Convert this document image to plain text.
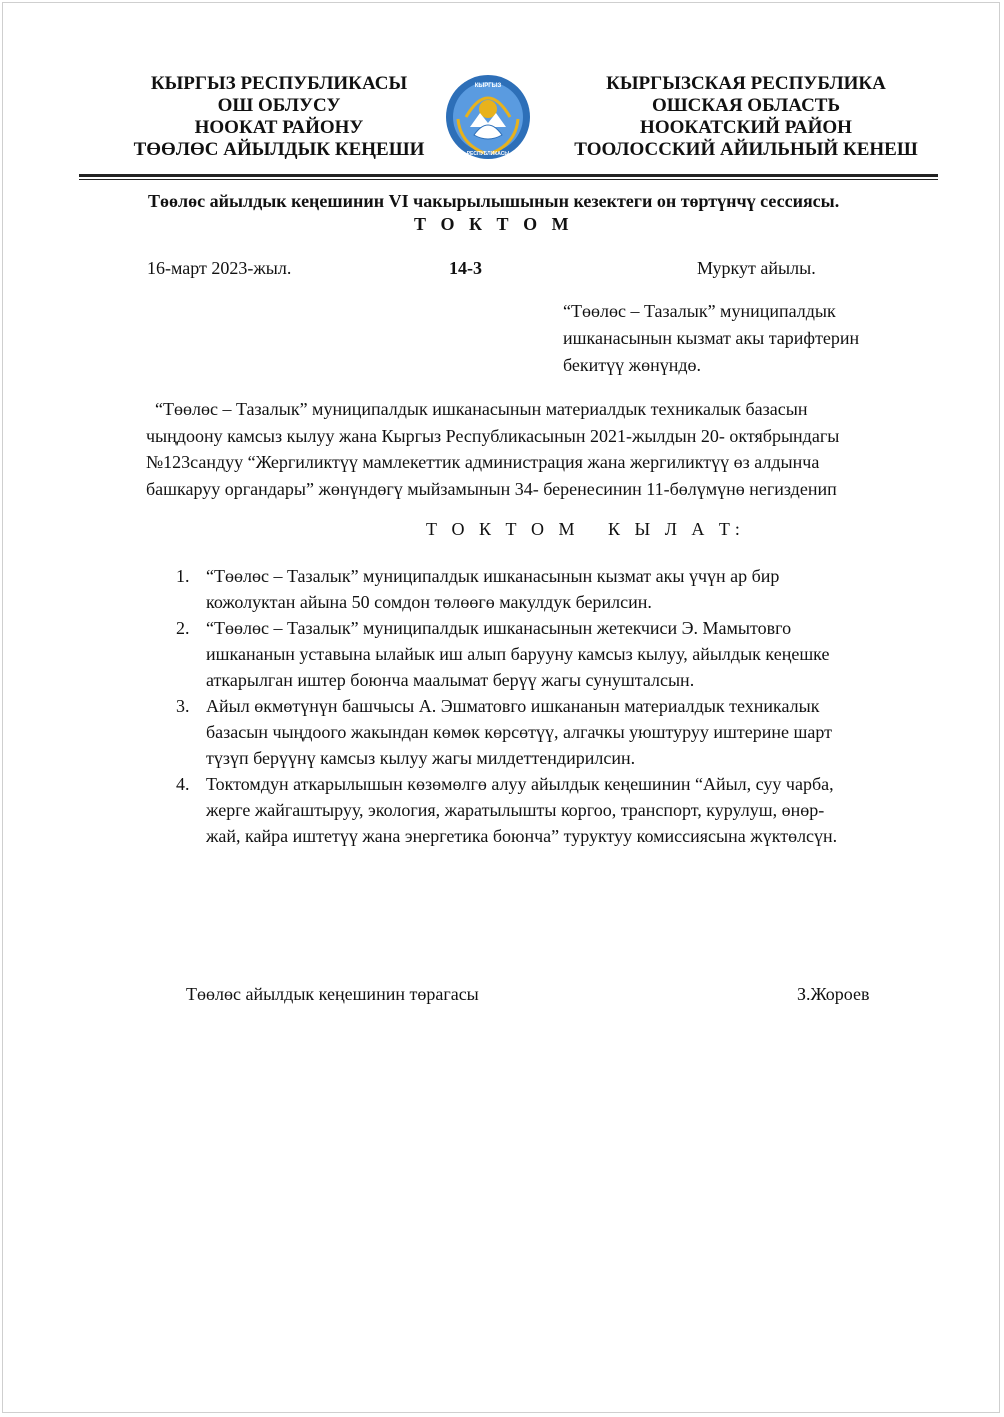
КЫРГЫЗ РЕСПУБЛИКАСЫ
ОШ ОБЛУСУ
НООКАТ РАЙОНУ
ТӨӨЛӨС АЙЫЛДЫК КЕҢЕШИ
КЫРГЫЗ
РЕСПУБЛИКАСЫ
КЫРГЫЗСКАЯ РЕСПУБЛИКА
ОШСКАЯ ОБЛАСТЬ
НООКАТСКИЙ РАЙОН
ТООЛОССКИЙ АЙИЛЬНЫЙ КЕНЕШ
Төөлөс айылдык кеңешинин VI чакырылышынын кезектеги он төртүнчү сессиясы.
Т О К Т О М
16-март 2023-жыл.	14-3	Муркут айылы.
“Төөлөс – Тазалык” муниципалдык
ишканасынын кызмат акы тарифтерин
бекитүү жөнүндө.
“Төөлөс – Тазалык” муниципалдык ишканасынын материалдык техникалык базасын
чыңдоону камсыз кылуу жана Кыргыз Республикасынын 2021-жылдын 20- октябрындагы
№123сандуу “Жергиликтүү мамлекеттик администрация жана жергиликтүү өз алдынча
башкаруу органдары” жөнүндөгү мыйзамынын 34- беренесинин 11-бөлүмүнө негизденип
Т О К Т О М   К Ы Л А Т:
1. “Төөлөс – Тазалык” муниципалдык ишканасынын кызмат акы үчүн ар бир
кожолуктан айына 50 сомдон төлөөгө макулдук берилсин.
2. “Төөлөс – Тазалык” муниципалдык ишканасынын жетекчиси Э. Мамытовго
ишкананын уставына ылайык иш алып барууну камсыз кылуу, айылдык кеңешке
аткарылган иштер боюнча маалымат берүү жагы сунушталсын.
3. Айыл өкмөтүнүн башчысы А. Эшматовго ишкананын материалдык техникалык
базасын чыңдоого жакындан көмөк көрсөтүү, алгачкы уюштуруу иштерине шарт
түзүп берүүнү камсыз кылуу жагы милдеттендирилсин.
4. Токтомдун аткарылышын көзөмөлгө алуу айылдык кеңешинин “Айыл, суу чарба,
жерге жайгаштыруу, экология, жаратылышты коргоо, транспорт, курулуш, өнөр-
жай, кайра иштетүү жана энергетика боюнча” туруктуу комиссиясына жүктөлсүн.
Төөлөс айылдык кеңешинин төрагасы	З.Жороев
